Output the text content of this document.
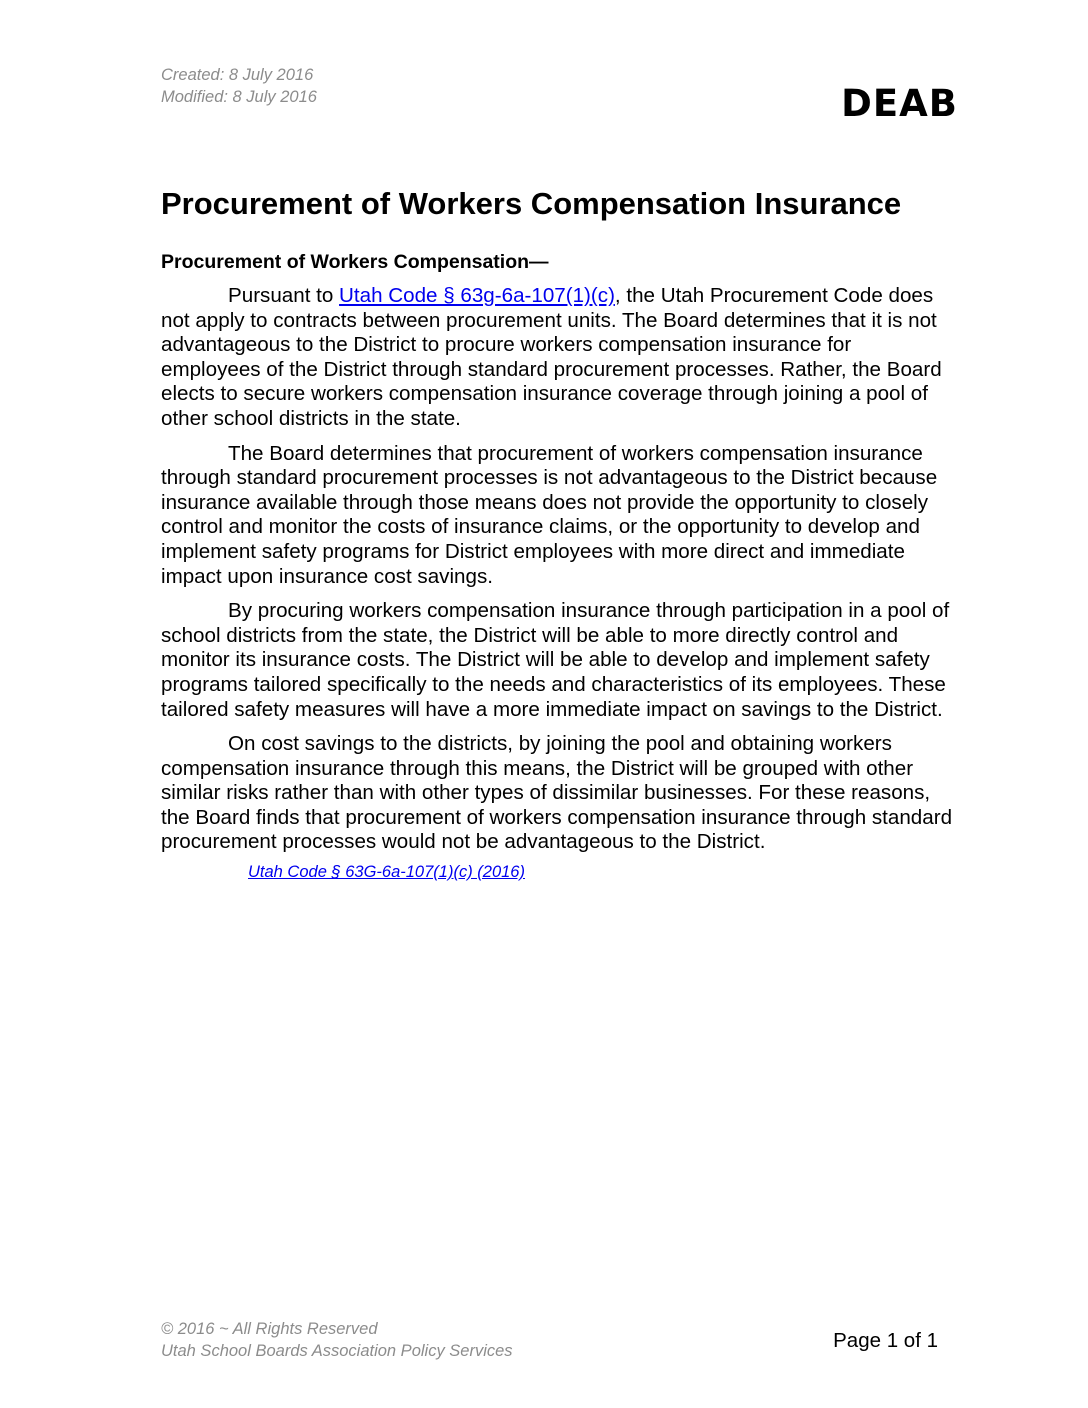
Created: 8 July 2016
Modified: 8 July 2016	DEAB
Procurement of Workers Compensation Insurance
Procurement of Workers Compensation—

Pursuant to Utah Code § 63g-6a-107(1)(c), the Utah Procurement Code does not apply to contracts between procurement units. The Board determines that it is not advantageous to the District to procure workers compensation insurance for employees of the District through standard procurement processes. Rather, the Board elects to secure workers compensation insurance coverage through joining a pool of other school districts in the state.

The Board determines that procurement of workers compensation insurance through standard procurement processes is not advantageous to the District because insurance available through those means does not provide the opportunity to closely control and monitor the costs of insurance claims, or the opportunity to develop and implement safety programs for District employees with more direct and immediate impact upon insurance cost savings.

By procuring workers compensation insurance through participation in a pool of school districts from the state, the District will be able to more directly control and monitor its insurance costs. The District will be able to develop and implement safety programs tailored specifically to the needs and characteristics of its employees. These tailored safety measures will have a more immediate impact on savings to the District.

On cost savings to the districts, by joining the pool and obtaining workers compensation insurance through this means, the District will be grouped with other similar risks rather than with other types of dissimilar businesses. For these reasons, the Board finds that procurement of workers compensation insurance through standard procurement processes would not be advantageous to the District.

Utah Code § 63G-6a-107(1)(c) (2016)
© 2016 ~ All Rights Reserved
Utah School Boards Association Policy Services	Page 1 of 1
